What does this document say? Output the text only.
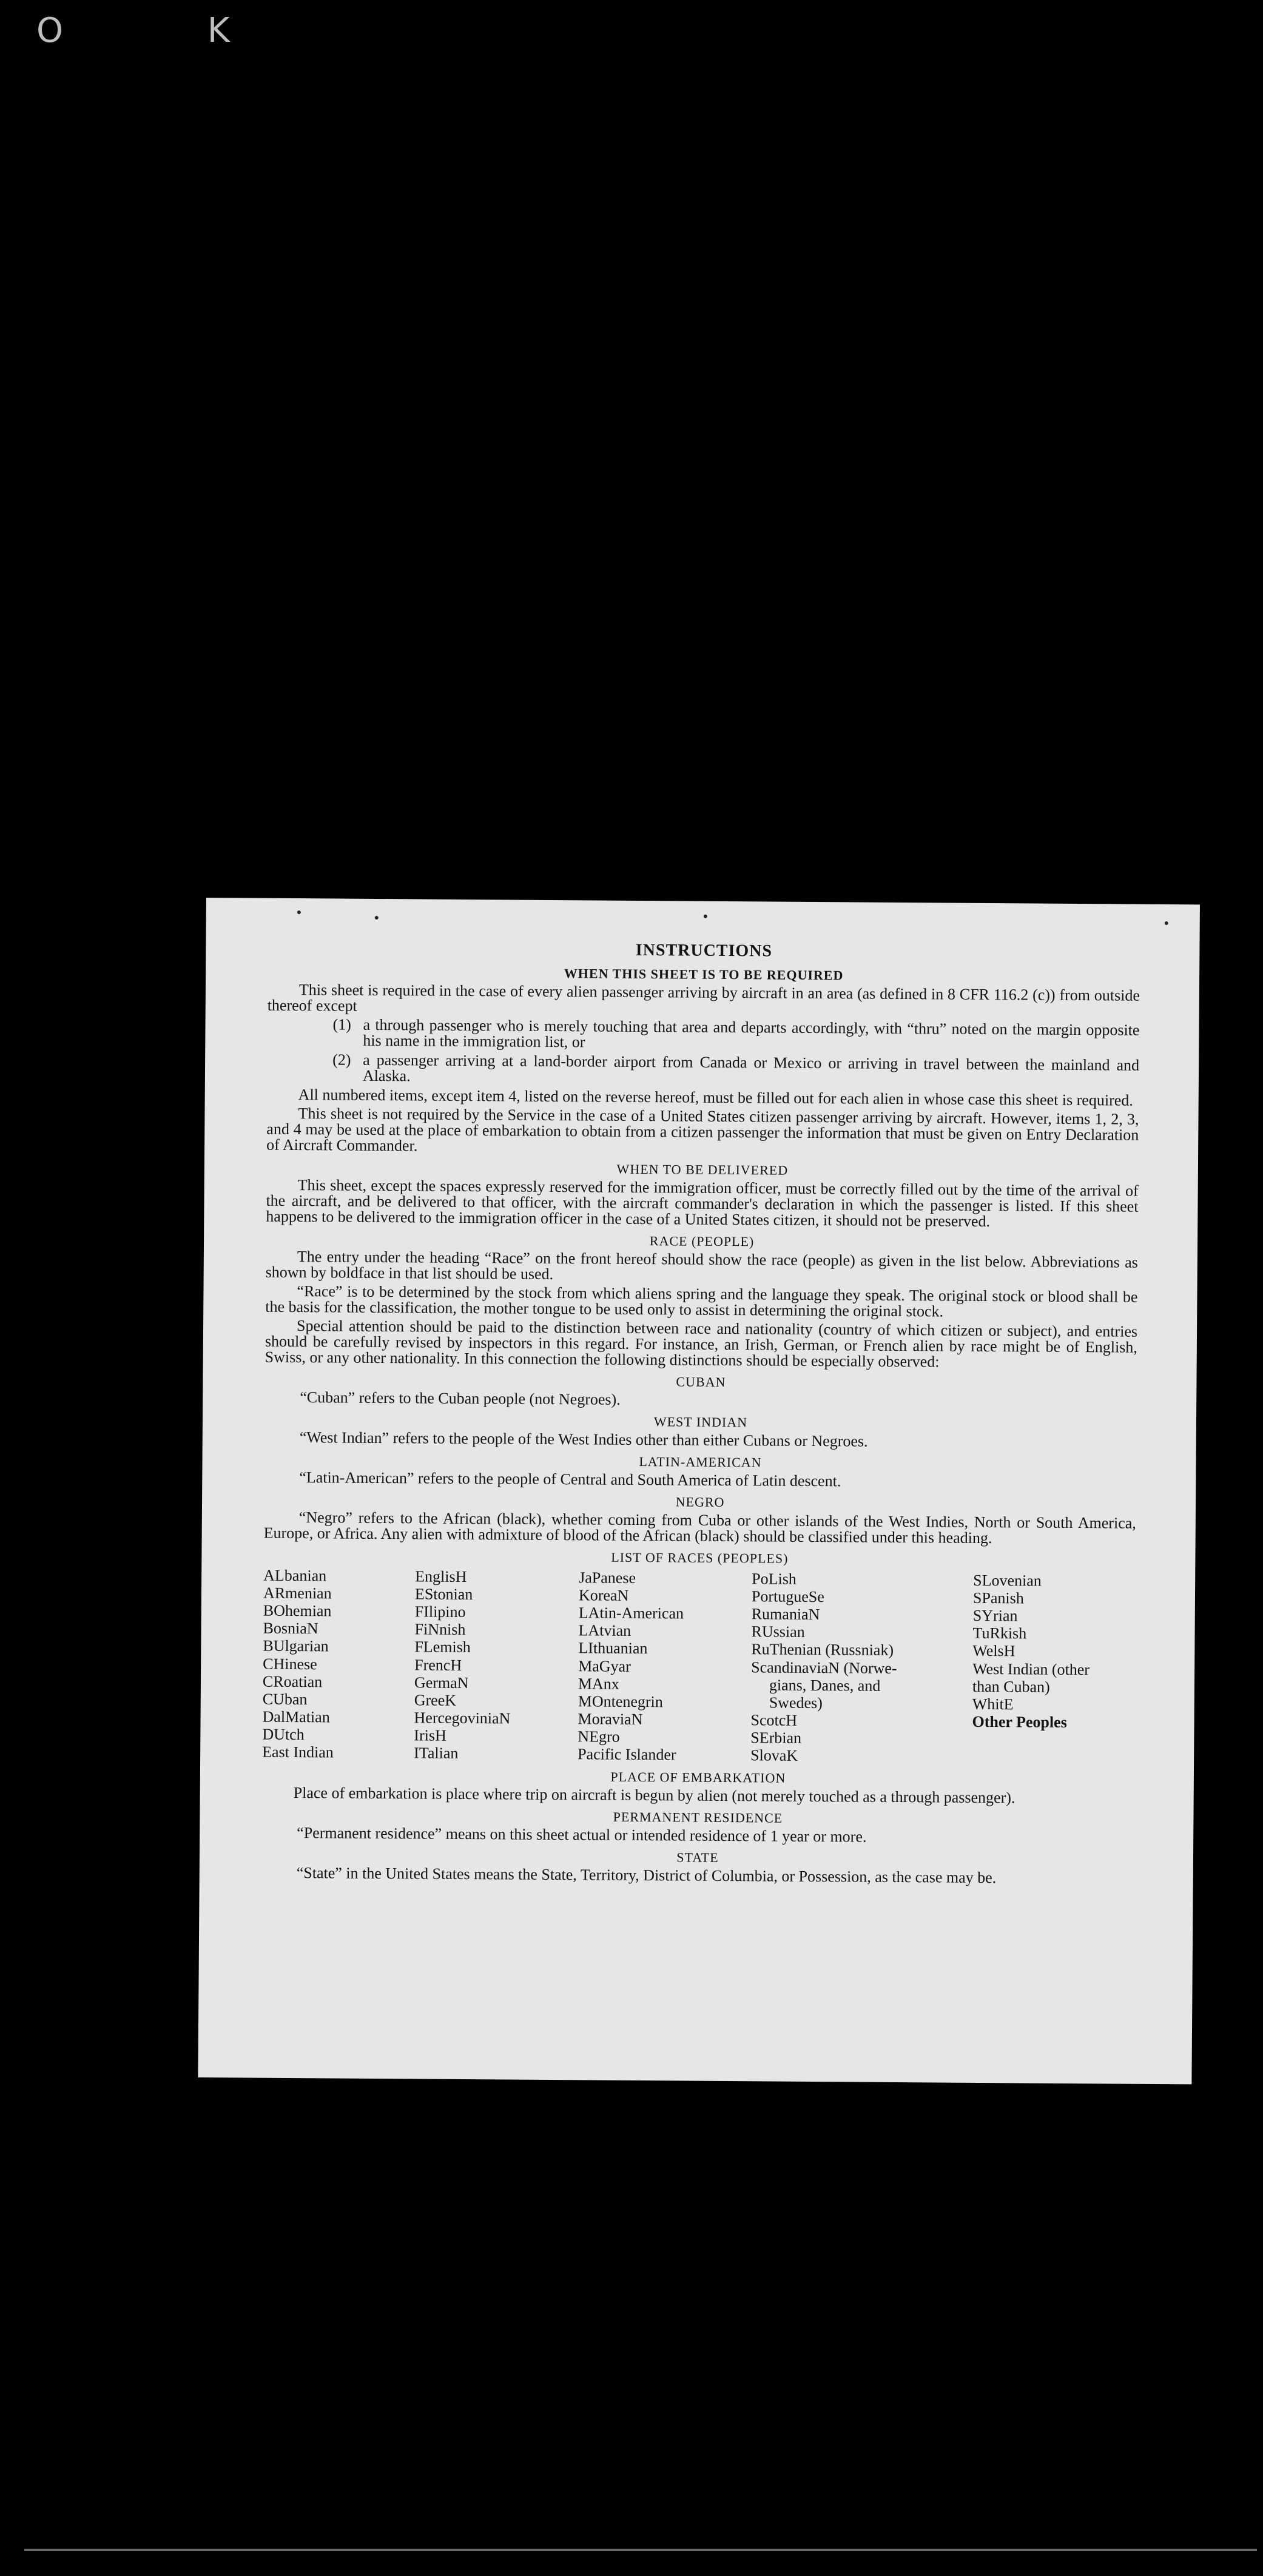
O K
INSTRUCTIONS
WHEN THIS SHEET IS TO BE REQUIRED

This sheet is required in the case of every alien passenger arriving by aircraft in an area (as defined in 8 CFR 116.2 (c)) from outside thereof except

(1) a through passenger who is merely touching that area and departs accordingly, with “thru” noted on the margin opposite his name in the immigration list, or
(2) a passenger arriving at a land-border airport from Canada or Mexico or arriving in travel between the mainland and Alaska.

All numbered items, except item 4, listed on the reverse hereof, must be filled out for each alien in whose case this sheet is required.

This sheet is not required by the Service in the case of a United States citizen passenger arriving by aircraft. However, items 1, 2, 3, and 4 may be used at the place of embarkation to obtain from a citizen passenger the information that must be given on Entry Declaration of Aircraft Commander.

WHEN TO BE DELIVERED

This sheet, except the spaces expressly reserved for the immigration officer, must be correctly filled out by the time of the arrival of the aircraft, and be delivered to that officer, with the aircraft commander's declaration in which the passenger is listed. If this sheet happens to be delivered to the immigration officer in the case of a United States citizen, it should not be preserved.

RACE (PEOPLE)

The entry under the heading “Race” on the front hereof should show the race (people) as given in the list below. Abbreviations as shown by boldface in that list should be used.

“Race” is to be determined by the stock from which aliens spring and the language they speak. The original stock or blood shall be the basis for the classification, the mother tongue to be used only to assist in determining the original stock.

Special attention should be paid to the distinction between race and nationality (country of which citizen or subject), and entries should be carefully revised by inspectors in this regard. For instance, an Irish, German, or French alien by race might be of English, Swiss, or any other nationality. In this connection the following distinctions should be especially observed:

CUBAN

“Cuban” refers to the Cuban people (not Negroes).

WEST INDIAN

“West Indian” refers to the people of the West Indies other than either Cubans or Negroes.

LATIN-AMERICAN

“Latin-American” refers to the people of Central and South America of Latin descent.

NEGRO

“Negro” refers to the African (black), whether coming from Cuba or other islands of the West Indies, North or South America, Europe, or Africa. Any alien with admixture of blood of the African (black) should be classified under this heading.

LIST OF RACES (PEOPLES)
ALbanian
ARmenian
BOhemian
BosniaN
BUlgarian
CHinese
CRoatian
CUban
DalMatian
DUtch
East Indian
EnglisH
EStonian
FIlipino
FiNnish
FLemish
FrencH
GermaN
GreeK
HercegoviniaN
IrisH
ITalian
JaPanese
KoreaN
LAtin-American
LAtvian
LIthuanian
MaGyar
MAnx
MOntenegrin
MoraviaN
NEgro
Pacific Islander
PoLish
PortugueSe
RumaniaN
RUssian
RuThenian (Russniak)
ScandinaviaN (Norwe-
gians, Danes, and
Swedes)
ScotcH
SErbian
SlovaK
SLovenian
SPanish
SYrian
TuRkish
WelsH
West Indian (other
than Cuban)
WhitE
Other Peoples
PLACE OF EMBARKATION

Place of embarkation is place where trip on aircraft is begun by alien (not merely touched as a through passenger).

PERMANENT RESIDENCE

“Permanent residence” means on this sheet actual or intended residence of 1 year or more.

STATE

“State” in the United States means the State, Territory, District of Columbia, or Possession, as the case may be.
